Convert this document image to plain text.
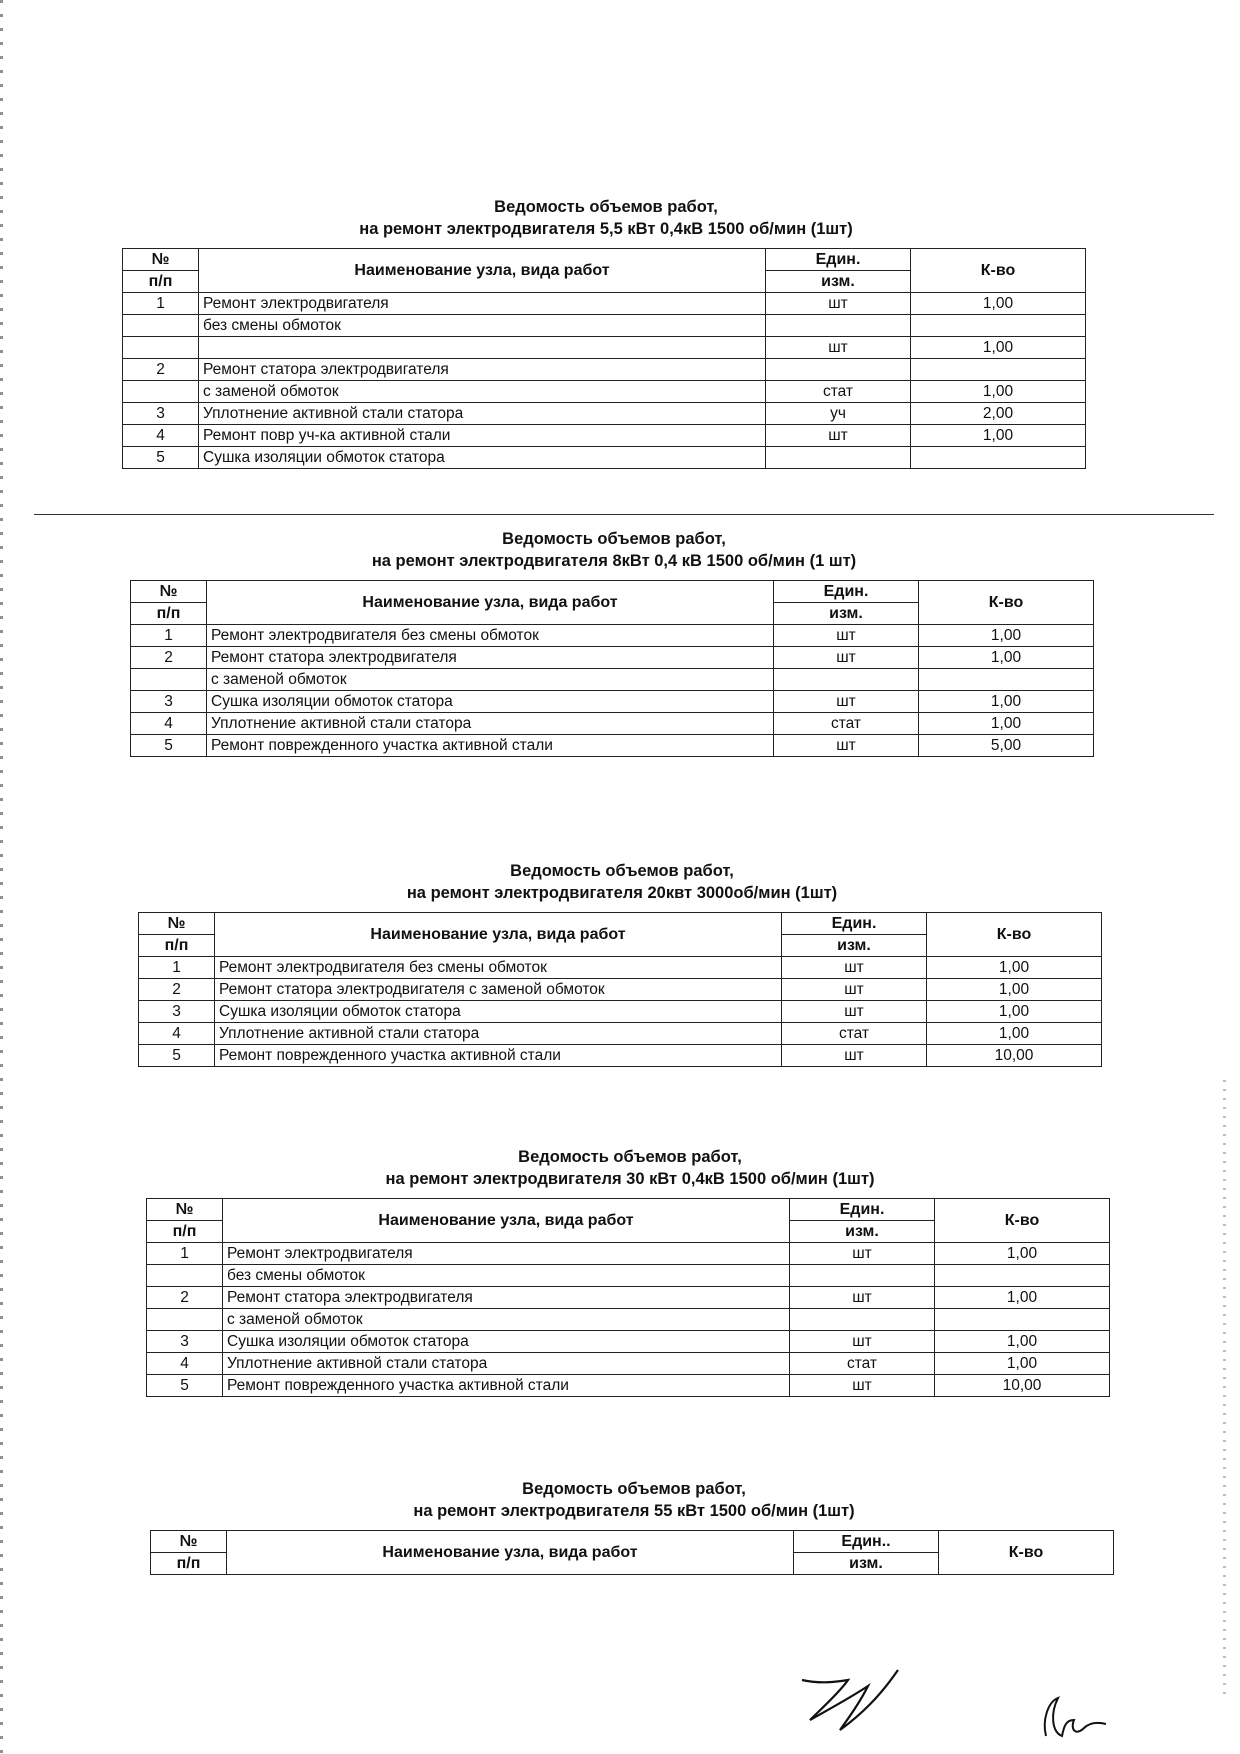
Ведомость объемов работ,
на ремонт электродвигателя 5,5 кВт 0,4кВ 1500 об/мин (1шт)
№	Наименование узла, вида работ	Един.	К-во
п/п		изм.	
1	Ремонт электродвигателя	шт	1,00
	без смены обмоток		
		шт	1,00
2	Ремонт статора электродвигателя		
	с заменой обмоток	стат	1,00
3	Уплотнение активной стали статора	уч	2,00
4	Ремонт повр уч-ка активной стали	шт	1,00
5	Сушка изоляции обмоток статора		
Ведомость объемов работ,
на ремонт электродвигателя 8кВт 0,4 кВ 1500 об/мин (1 шт)
№	Наименование узла, вида работ	Един.	К-во
п/п		изм.	
1	Ремонт электродвигателя без смены обмоток	шт	1,00
2	Ремонт статора электродвигателя	шт	1,00
	с заменой обмоток		
3	Сушка изоляции обмоток статора	шт	1,00
4	Уплотнение активной стали статора	стат	1,00
5	Ремонт поврежденного участка активной стали	шт	5,00
Ведомость объемов работ,
на ремонт электродвигателя 20квт 3000об/мин (1шт)
№	Наименование узла, вида работ	Един.	К-во
п/п		изм.	
1	Ремонт электродвигателя без смены обмоток	шт	1,00
2	Ремонт статора электродвигателя с заменой обмоток	шт	1,00
3	Сушка изоляции обмоток статора	шт	1,00
4	Уплотнение активной стали статора	стат	1,00
5	Ремонт поврежденного участка активной стали	шт	10,00
Ведомость объемов работ,
на ремонт электродвигателя 30 кВт 0,4кВ 1500 об/мин (1шт)
№	Наименование узла, вида работ	Един.	К-во
п/п		изм.	
1	Ремонт электродвигателя	шт	1,00
	без смены обмоток		
2	Ремонт статора электродвигателя	шт	1,00
	с заменой обмоток		
3	Сушка изоляции обмоток статора	шт	1,00
4	Уплотнение активной стали статора	стат	1,00
5	Ремонт поврежденного участка активной стали	шт	10,00
Ведомость объемов работ,
на ремонт электродвигателя 55 кВт 1500 об/мин (1шт)
№	Наименование узла, вида работ	Един..	К-во
п/п		изм.	
